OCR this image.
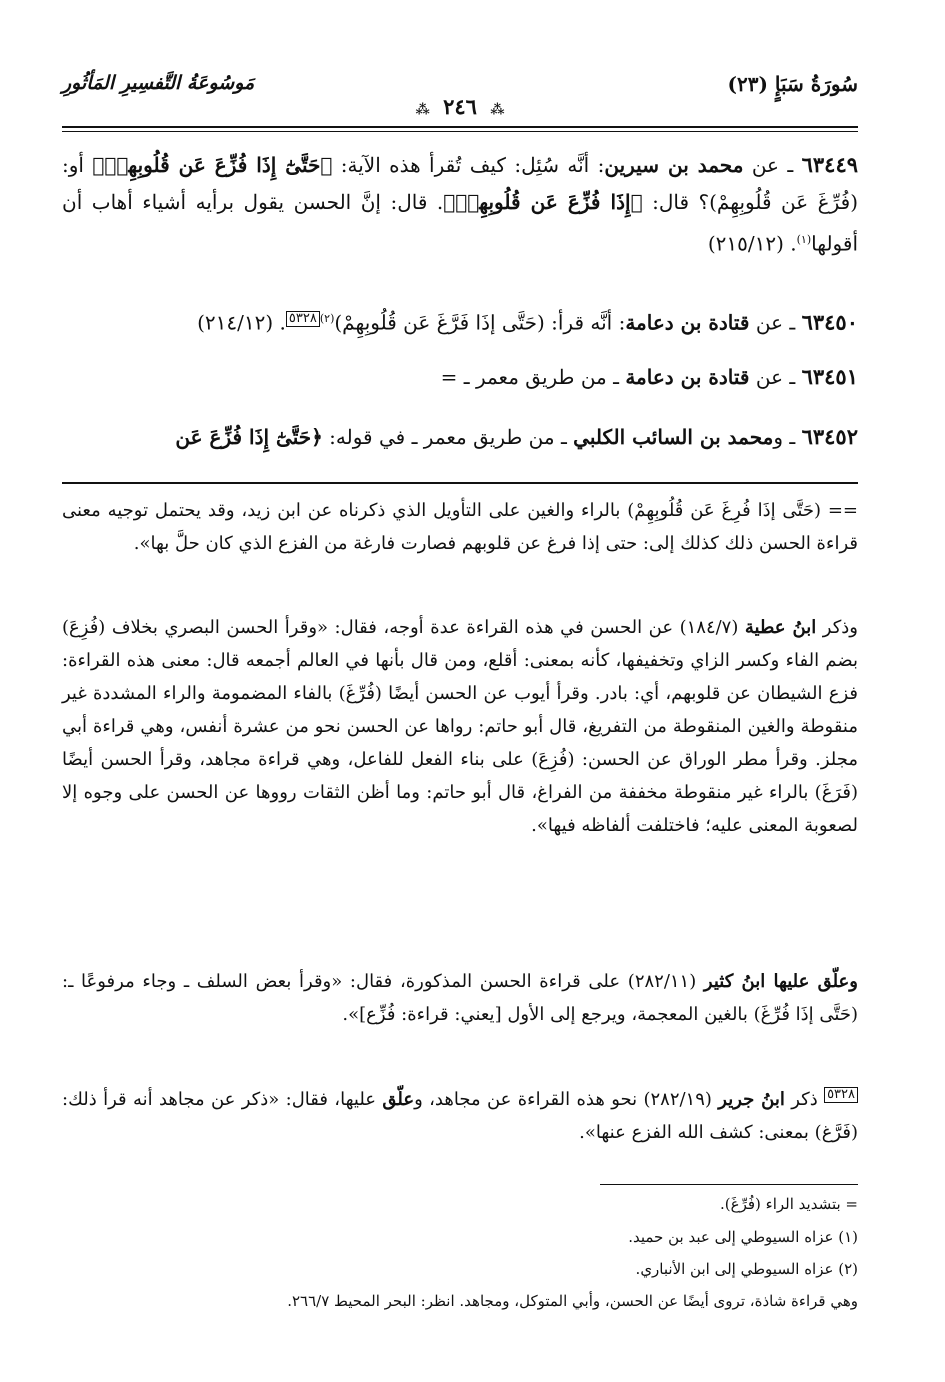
سُورَةُ سَبَإٍ (٢٣)
مَوسُوعَةُ التَّفسِيرِ المَأثُورِ
⁂ ٢٤٦ ⁂
٦٣٤٤٩ ـ عن محمد بن سيرين: أنَّه سُئِل: كيف تُقرأ هذه الآية: ﴿حَتَّىٰٓ إِذَا فُزِّعَ عَن قُلُوبِهِمۡ﴾ أو: (فُرِّغَ عَن قُلُوبِهِمْ)؟ قال: ﴿إِذَا فُزِّعَ عَن قُلُوبِهِمۡ﴾. قال: إنَّ الحسن يقول برأيه أشياء أهاب أن أقولها$^{(١)}$. (٢١٥/١٢)
٦٣٤٥٠ ـ عن قتادة بن دعامة: أنَّه قرأ: (حَتَّى إذَا فَرَّغَ عَن قُلُوبِهِمْ)$^{(٢)}$٥٣٢٨. (٢١٤/١٢)
٦٣٤٥١ ـ عن قتادة بن دعامة ـ من طريق معمر ـ =
٦٣٤٥٢ ـ ومحمد بن السائب الكلبي ـ من طريق معمر ـ في قوله: ﴿حَتَّىٰٓ إِذَا فُزِّعَ عَن
== (حَتَّى إذَا فُرِغَ عَن قُلُوبِهِمْ) بالراء والغين على التأويل الذي ذكرناه عن ابن زيد، وقد يحتمل توجيه معنى قراءة الحسن ذلك كذلك إلى: حتى إذا فرغ عن قلوبهم فصارت فارغة من الفزع الذي كان حلَّ بها».
وذكر ابنُ عطية (١٨٤/٧) عن الحسن في هذه القراءة عدة أوجه، فقال: «وقرأ الحسن البصري بخلاف (فُزِعَ) بضم الفاء وكسر الزاي وتخفيفها، كأنه بمعنى: أقلع، ومن قال بأنها في العالم أجمعه قال: معنى هذه القراءة: فزع الشيطان عن قلوبهم، أي: بادر. وقرأ أيوب عن الحسن أيضًا (فُرِّغَ) بالفاء المضمومة والراء المشددة غير منقوطة والغين المنقوطة من التفريغ، قال أبو حاتم: رواها عن الحسن نحو من عشرة أنفس، وهي قراءة أبي مجلز. وقرأ مطر الوراق عن الحسن: (فُزِعَ) على بناء الفعل للفاعل، وهي قراءة مجاهد، وقرأ الحسن أيضًا (فَرَغَ) بالراء غير منقوطة مخففة من الفراغ، قال أبو حاتم: وما أظن الثقات رووها عن الحسن على وجوه إلا لصعوبة المعنى عليه؛ فاختلفت ألفاظه فيها».
وعلّق عليها ابنُ كثير (٢٨٢/١١) على قراءة الحسن المذكورة، فقال: «وقرأ بعض السلف ـ وجاء مرفوعًا ـ: (حَتَّى إذَا فُرِّغَ) بالغين المعجمة، ويرجع إلى الأول [يعني: قراءة: فُزِّع]».
٥٣٢٨ ذكر ابنُ جرير (٢٨٢/١٩) نحو هذه القراءة عن مجاهد، وعلّق عليها، فقال: «ذكر عن مجاهد أنه قرأ ذلك: (فَرَّغ) بمعنى: كشف الله الفزع عنها».
= بتشديد الراء (فُرِّغَ).
(١) عزاه السيوطي إلى عبد بن حميد.
(٢) عزاه السيوطي إلى ابن الأنباري.
وهي قراءة شاذة، تروى أيضًا عن الحسن، وأبي المتوكل، ومجاهد. انظر: البحر المحيط ٢٦٦/٧.
